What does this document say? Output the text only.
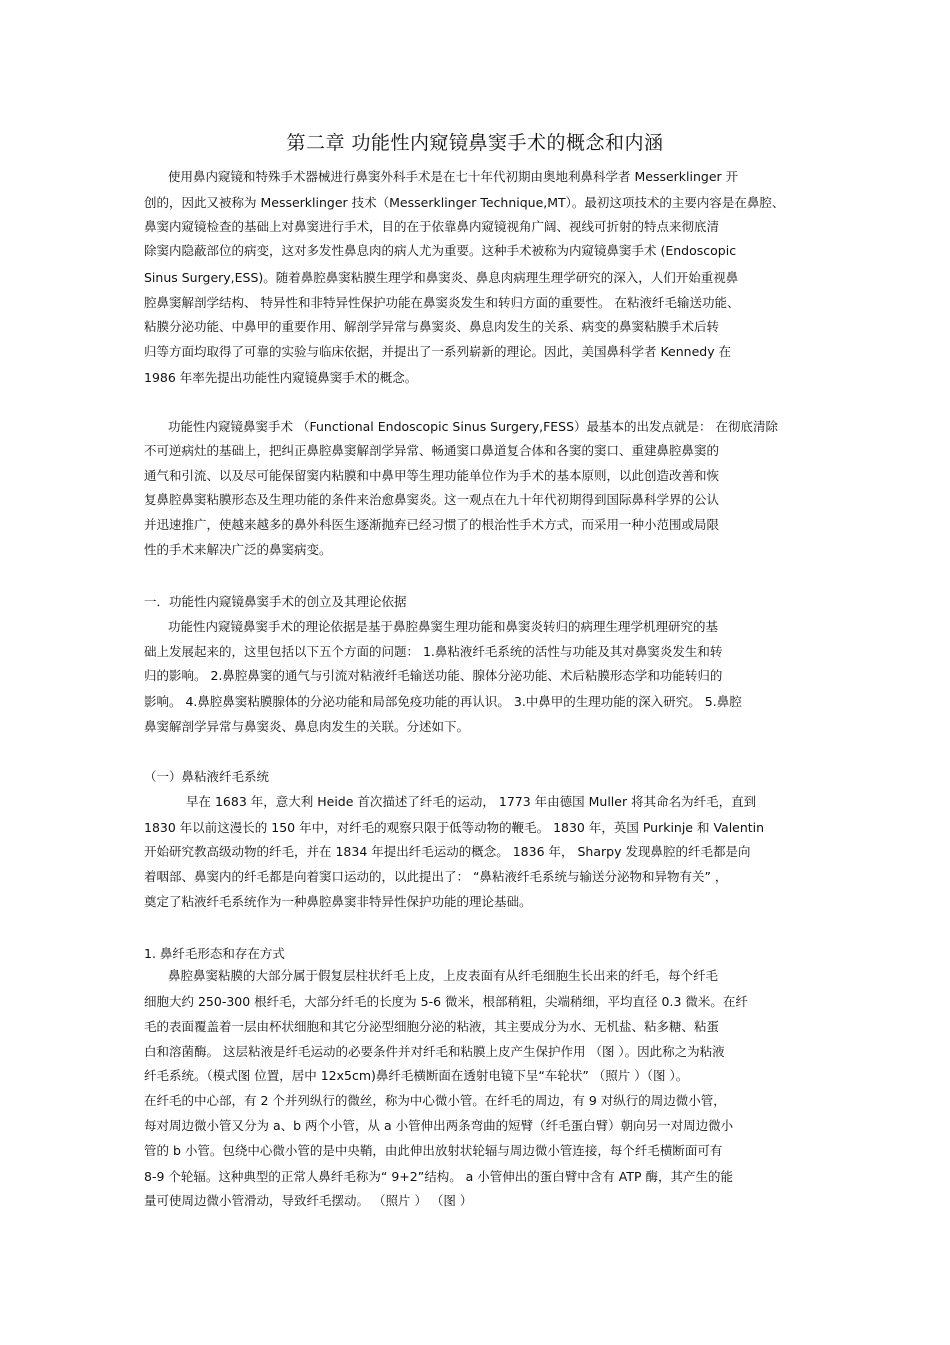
第二章 功能性内窥镜鼻窦手术的概念和内涵
使用鼻内窥镜和特殊手术器械进行鼻窦外科手术是在七十年代初期由奥地利鼻科学者 Messerklinger 开
创的，因此又被称为 Messerklinger 技术（Messerklinger Technique,MT）。最初这项技术的主要内容是在鼻腔、
鼻窦内窥镜检查的基础上对鼻窦进行手术，目的在于依靠鼻内窥镜视角广阔、视线可折射的特点来彻底清
除窦内隐蔽部位的病变，这对多发性鼻息肉的病人尤为重要。这种手术被称为内窥镜鼻窦手术 (Endoscopic
Sinus Surgery,ESS)。随着鼻腔鼻窦粘膜生理学和鼻窦炎、鼻息肉病理生理学研究的深入，人们开始重视鼻
腔鼻窦解剖学结构、 特异性和非特异性保护功能在鼻窦炎发生和转归方面的重要性。 在粘液纤毛输送功能、
粘膜分泌功能、中鼻甲的重要作用、解剖学异常与鼻窦炎、鼻息肉发生的关系、病变的鼻窦粘膜手术后转
归等方面均取得了可靠的实验与临床依据，并提出了一系列崭新的理论。因此，美国鼻科学者 Kennedy 在
1986 年率先提出功能性内窥镜鼻窦手术的概念。
功能性内窥镜鼻窦手术 （Functional Endoscopic Sinus Surgery,FESS）最基本的出发点就是： 在彻底清除
不可逆病灶的基础上，把纠正鼻腔鼻窦解剖学异常、畅通窦口鼻道复合体和各窦的窦口、重建鼻腔鼻窦的
通气和引流、以及尽可能保留窦内粘膜和中鼻甲等生理功能单位作为手术的基本原则，以此创造改善和恢
复鼻腔鼻窦粘膜形态及生理功能的条件来治愈鼻窦炎。这一观点在九十年代初期得到国际鼻科学界的公认
并迅速推广，使越来越多的鼻外科医生逐渐抛弃已经习惯了的根治性手术方式，而采用一种小范围或局限
性的手术来解决广泛的鼻窦病变。
一．功能性内窥镜鼻窦手术的创立及其理论依据
功能性内窥镜鼻窦手术的理论依据是基于鼻腔鼻窦生理功能和鼻窦炎转归的病理生理学机理研究的基
础上发展起来的，这里包括以下五个方面的问题： 1.鼻粘液纤毛系统的活性与功能及其对鼻窦炎发生和转
归的影响。 2.鼻腔鼻窦的通气与引流对粘液纤毛输送功能、腺体分泌功能、术后粘膜形态学和功能转归的
影响。 4.鼻腔鼻窦粘膜腺体的分泌功能和局部免疫功能的再认识。 3.中鼻甲的生理功能的深入研究。 5.鼻腔
鼻窦解剖学异常与鼻窦炎、鼻息肉发生的关联。分述如下。
（一）鼻粘液纤毛系统
早在 1683 年，意大利 Heide 首次描述了纤毛的运动， 1773 年由德国 Muller 将其命名为纤毛，直到
1830 年以前这漫长的 150 年中，对纤毛的观察只限于低等动物的鞭毛。 1830 年，英国 Purkinje 和 Valentin
开始研究教高级动物的纤毛，并在 1834 年提出纤毛运动的概念。 1836 年， Sharpy 发现鼻腔的纤毛都是向
着咽部、鼻窦内的纤毛都是向着窦口运动的，以此提出了： “鼻粘液纤毛系统与输送分泌物和异物有关” ，
奠定了粘液纤毛系统作为一种鼻腔鼻窦非特异性保护功能的理论基础。
1. 鼻纤毛形态和存在方式
鼻腔鼻窦粘膜的大部分属于假复层柱状纤毛上皮，上皮表面有从纤毛细胞生长出来的纤毛，每个纤毛
细胞大约 250-300 根纤毛，大部分纤毛的长度为 5-6 微米，根部稍粗，尖端稍细，平均直径 0.3 微米。在纤
毛的表面覆盖着一层由杯状细胞和其它分泌型细胞分泌的粘液，其主要成分为水、无机盐、粘多糖、粘蛋
白和溶菌酶。 这层粘液是纤毛运动的必要条件并对纤毛和粘膜上皮产生保护作用 （图 ）。因此称之为粘液
纤毛系统。（模式图 位置，居中 12x5cm)鼻纤毛横断面在透射电镜下呈“车轮状” （照片 ）（图 ）。
在纤毛的中心部，有 2 个并列纵行的微丝，称为中心微小管。在纤毛的周边，有 9 对纵行的周边微小管，
每对周边微小管又分为 a、b 两个小管，从 a 小管伸出两条弯曲的短臂（纤毛蛋白臂）朝向另一对周边微小
管的 b 小管。包绕中心微小管的是中央鞘，由此伸出放射状轮辐与周边微小管连接，每个纤毛横断面可有
8-9 个轮辐。这种典型的正常人鼻纤毛称为“ 9+2”结构。 a 小管伸出的蛋白臂中含有 ATP 酶，其产生的能
量可使周边微小管滑动，导致纤毛摆动。 （照片 ） （图 ）
